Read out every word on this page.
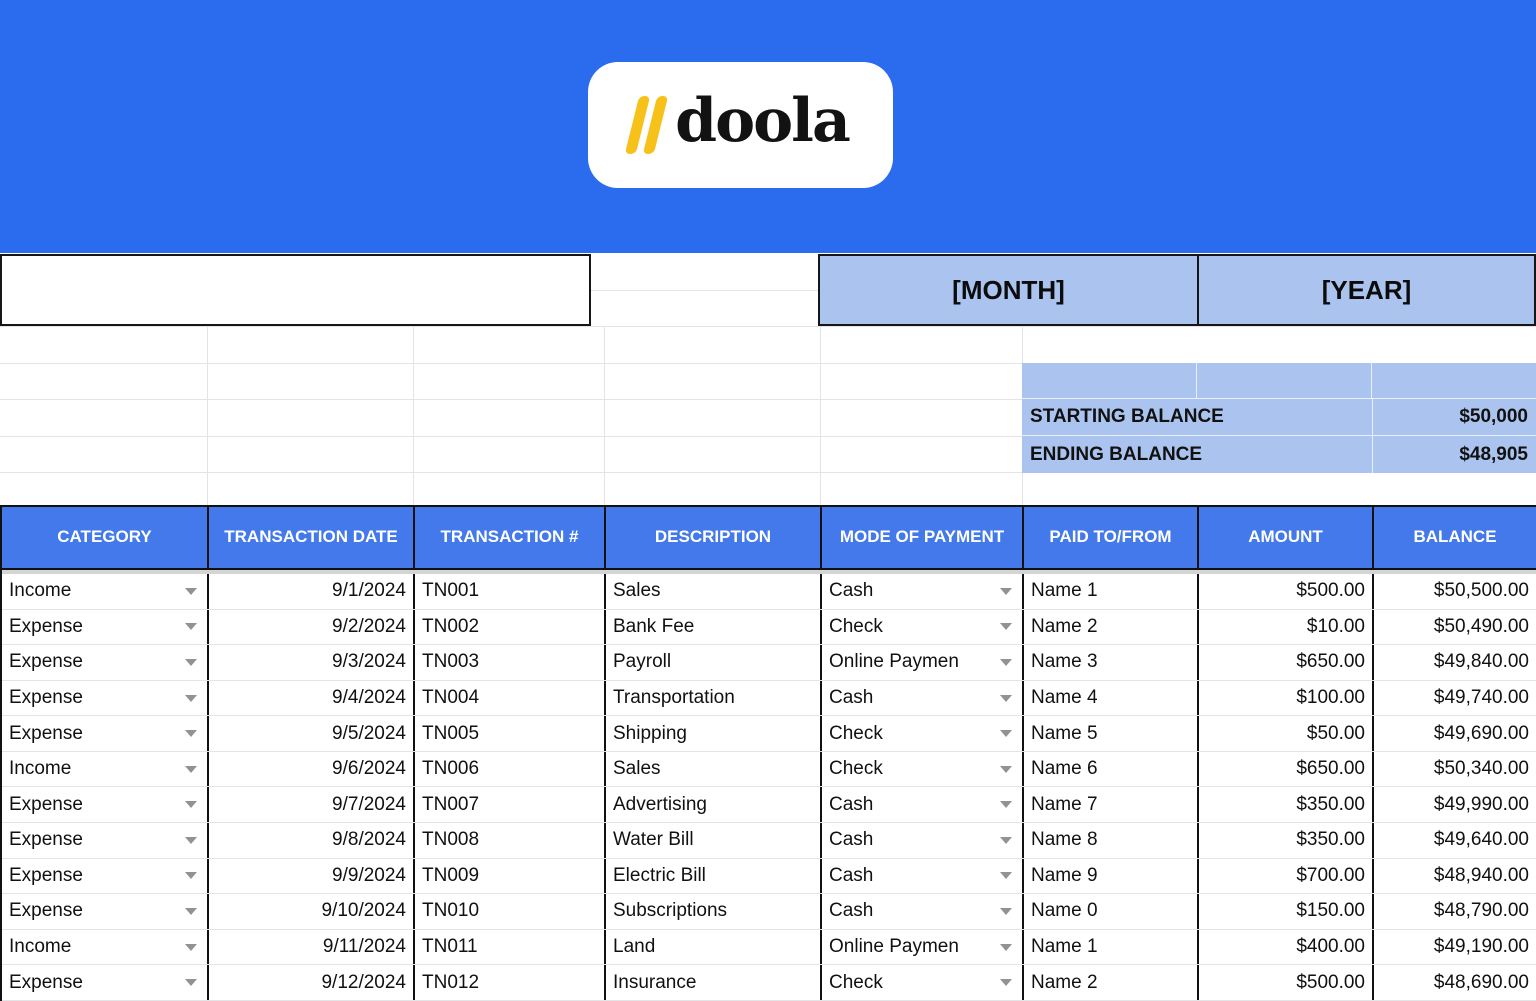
doola
[MONTH]	[YEAR]
STARTING BALANCE	$50,000
ENDING BALANCE	$48,905
CATEGORY	TRANSACTION DATE	TRANSACTION #	DESCRIPTION	MODE OF PAYMENT	PAID TO/FROM	AMOUNT	BALANCE
Income	9/1/2024 TN001	Sales	Cash	Name 1	$500.00	$50,500.00
Expense	9/2/2024 TN002	Bank Fee	Check	Name 2	$10.00	$50,490.00
Expense	9/3/2024 TN003	Payroll	Online Paymen	Name 3	$650.00	$49,840.00
Expense	9/4/2024 TN004	Transportation	Cash	Name 4	$100.00	$49,740.00
Expense	9/5/2024 TN005	Shipping	Check	Name 5	$50.00	$49,690.00
Income	9/6/2024 TN006	Sales	Check	Name 6	$650.00	$50,340.00
Expense	9/7/2024 TN007	Advertising	Cash	Name 7	$350.00	$49,990.00
Expense	9/8/2024 TN008	Water Bill	Cash	Name 8	$350.00	$49,640.00
Expense	9/9/2024 TN009	Electric Bill	Cash	Name 9	$700.00	$48,940.00
Expense	9/10/2024 TN010	Subscriptions	Cash	Name 0	$150.00	$48,790.00
Income	9/11/2024 TN011	Land	Online Paymen	Name 1	$400.00	$49,190.00
Expense	9/12/2024 TN012	Insurance	Check	Name 2	$500.00	$48,690.00
